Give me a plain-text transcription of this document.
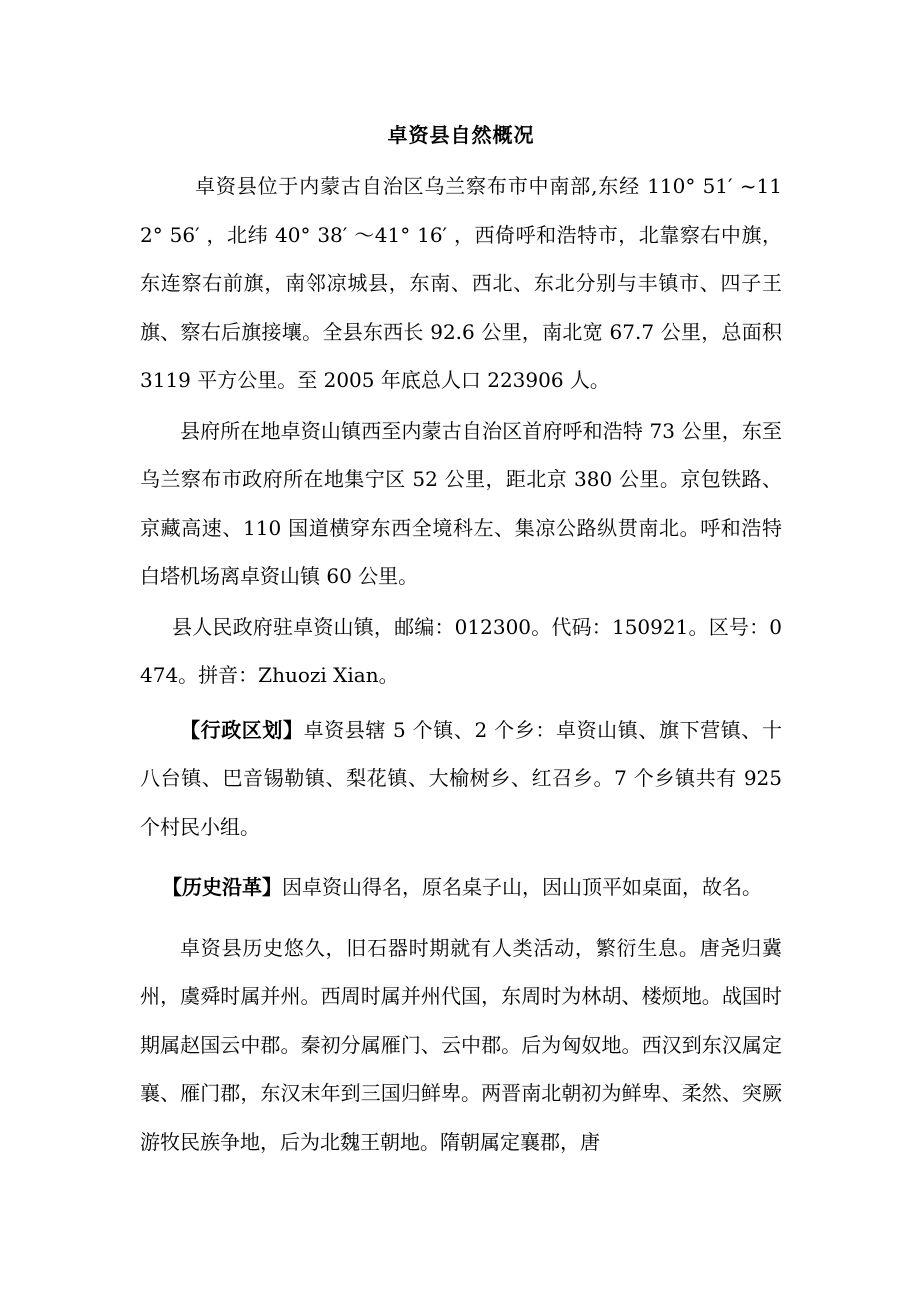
卓资县自然概况

卓资县位于内蒙古自治区乌兰察布市中南部,东经 110° 51′ ~112° 56′ ，北纬 40° 38′ ～41° 16′ ，西倚呼和浩特市，北靠察右中旗，东连察右前旗，南邻凉城县，东南、西北、东北分别与丰镇市、四子王旗、察右后旗接壤。全县东西长 92.6 公里，南北宽 67.7 公里，总面积 3119 平方公里。至 2005 年底总人口 223906 人。

县府所在地卓资山镇西至内蒙古自治区首府呼和浩特 73 公里，东至乌兰察布市政府所在地集宁区 52 公里，距北京 380 公里。京包铁路、京藏高速、110 国道横穿东西全境科左、集凉公路纵贯南北。呼和浩特白塔机场离卓资山镇 60 公里。

县人民政府驻卓资山镇，邮编：012300。代码：150921。区号：0474。拼音：Zhuozi Xian。

【行政区划】卓资县辖 5 个镇、2 个乡：卓资山镇、旗下营镇、十八台镇、巴音锡勒镇、梨花镇、大榆树乡、红召乡。7 个乡镇共有 925 个村民小组。

【历史沿革】因卓资山得名，原名桌子山，因山顶平如桌面，故名。

卓资县历史悠久，旧石器时期就有人类活动，繁衍生息。唐尧归冀州，虞舜时属并州。西周时属并州代国，东周时为林胡、楼烦地。战国时期属赵国云中郡。秦初分属雁门、云中郡。后为匈奴地。西汉到东汉属定襄、雁门郡，东汉末年到三国归鲜卑。两晋南北朝初为鲜卑、柔然、突厥游牧民族争地，后为北魏王朝地。隋朝属定襄郡，唐
